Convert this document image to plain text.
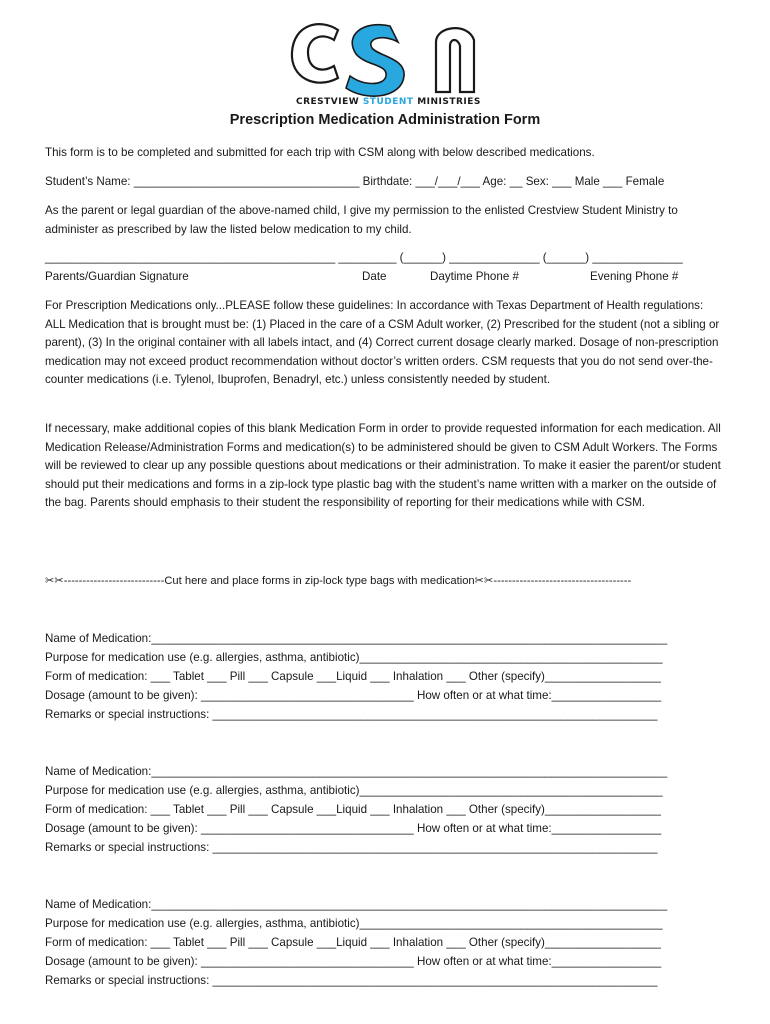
CRESTVIEW STUDENT MINISTRIES
Prescription Medication Administration Form
This form is to be completed and submitted for each trip with CSM along with below described medications.
Student’s Name: ___________________________________ Birthdate: ___/___/___ Age: __ Sex: ___ Male ___ Female
As the parent or legal guardian of the above-named child, I give my permission to the enlisted Crestview Student Ministry to administer as prescribed by law the listed below medication to my child.
_____________________________________________ _________ (______) ______________ (______) ______________
Parents/Guardian Signature	Date	Daytime Phone #	Evening Phone #
For Prescription Medications only...PLEASE follow these guidelines: In accordance with Texas Department of Health regulations: ALL Medication that is brought must be: (1) Placed in the care of a CSM Adult worker, (2) Prescribed for the student (not a sibling or parent), (3) In the original container with all labels intact, and (4) Correct current dosage clearly marked. Dosage of non-prescription medication may not exceed product recommendation without doctor’s written orders. CSM requests that you do not send over-the-counter medications (i.e. Tylenol, Ibuprofen, Benadryl, etc.) unless consistently needed by student.
If necessary, make additional copies of this blank Medication Form in order to provide requested information for each medication. All Medication Release/Administration Forms and medication(s) to be administered should be given to CSM Adult Workers. The Forms will be reviewed to clear up any possible questions about medications or their administration. To make it easier the parent/or student should put their medications and forms in a zip-lock type plastic bag with the student’s name written with a marker on the outside of the bag. Parents should emphasis to their student the responsibility of reporting for their medications while with CSM.
✂✂---------------------------Cut here and place forms in zip-lock type bags with medication✂✂-------------------------------------
Name of Medication:________________________________________________________________________________
Purpose for medication use (e.g. allergies, asthma, antibiotic)_______________________________________________
Form of medication: ___ Tablet ___ Pill ___ Capsule ___Liquid ___ Inhalation ___ Other (specify)__________________
Dosage (amount to be given): _________________________________ How often or at what time:_________________
Remarks or special instructions: _____________________________________________________________________
Name of Medication:________________________________________________________________________________
Purpose for medication use (e.g. allergies, asthma, antibiotic)_______________________________________________
Form of medication: ___ Tablet ___ Pill ___ Capsule ___Liquid ___ Inhalation ___ Other (specify)__________________
Dosage (amount to be given): _________________________________ How often or at what time:_________________
Remarks or special instructions: _____________________________________________________________________
Name of Medication:________________________________________________________________________________
Purpose for medication use (e.g. allergies, asthma, antibiotic)_______________________________________________
Form of medication: ___ Tablet ___ Pill ___ Capsule ___Liquid ___ Inhalation ___ Other (specify)__________________
Dosage (amount to be given): _________________________________ How often or at what time:_________________
Remarks or special instructions: _____________________________________________________________________
